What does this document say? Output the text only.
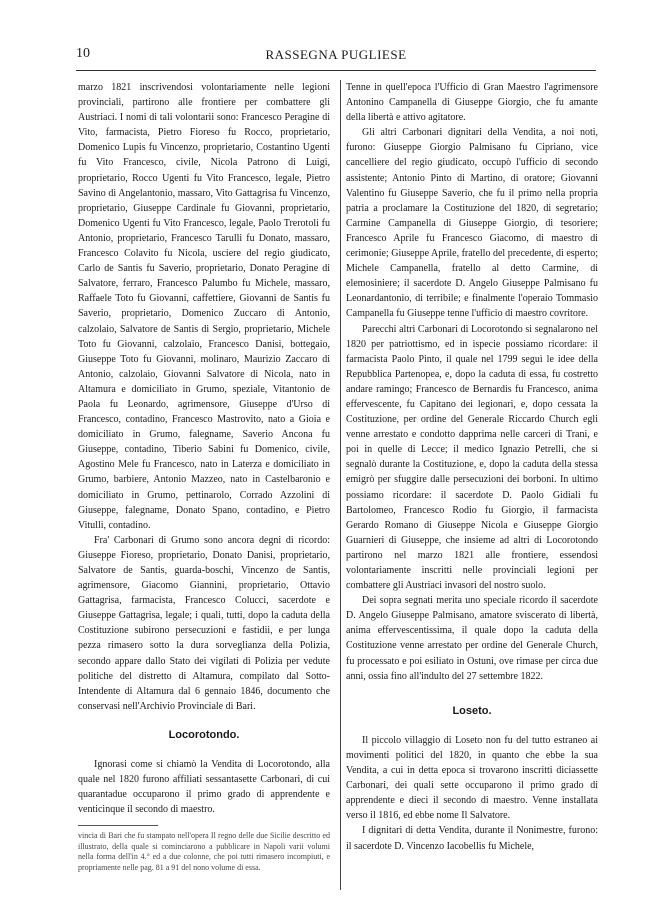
10	RASSEGNA PUGLIESE

marzo 1821 inscrivendosi volontariamente nelle legioni provinciali, partirono alle frontiere per combattere gli Austriaci. I nomi di tali volontarii sono: Francesco Peragine di Vito, farmacista, Pietro Fioreso fu Rocco, proprietario, Domenico Lupis fu Vincenzo, proprietario, Costantino Ugenti fu Vito Francesco, civile, Nicola Patrono di Luigi, proprietario, Rocco Ugenti fu Vito Francesco, legale, Pietro Savino di Angelantonio, massaro, Vito Gattagrisa fu Vincenzo, proprietario, Giuseppe Cardinale fu Giovanni, proprietario, Domenico Ugenti fu Vito Francesco, legale, Paolo Trerotoli fu Antonio, proprietario, Francesco Tarulli fu Donato, massaro, Francesco Colavito fu Nicola, usciere del regio giudicato, Carlo de Santis fu Saverio, proprietario, Donato Peragine di Salvatore, ferraro, Francesco Palumbo fu Michele, massaro, Raffaele Toto fu Giovanni, caffettiere, Giovanni de Santis fu Saverio, proprietario, Domenico Zuccaro di Antonio, calzolaio, Salvatore de Santis di Sergio, proprietario, Michele Toto fu Giovanni, calzolaio, Francesco Danisi, bottegaio, Giuseppe Toto fu Giovanni, molinaro, Maurizio Zaccaro di Antonio, calzolaio, Giovanni Salvatore di Nicola, nato in Altamura e domiciliato in Grumo, speziale, Vitantonio de Paola fu Leonardo, agrimensore, Giuseppe d'Urso di Francesco, contadino, Francesco Mastrovito, nato a Gioia e domiciliato in Grumo, falegname, Saverio Ancona fu Giuseppe, contadino, Tiberio Sabini fu Domenico, civile, Agostino Mele fu Francesco, nato in Laterza e domiciliato in Grumo, barbiere, Antonio Mazzeo, nato in Castelbaronio e domiciliato in Grumo, pettinarolo, Corrado Azzolini di Giuseppe, falegname, Donato Spano, contadino, e Pietro Vitulli, contadino.

Fra' Carbonari di Grumo sono ancora degni di ricordo: Giuseppe Fioreso, proprietario, Donato Danisi, proprietario, Salvatore de Santis, guarda-boschi, Vincenzo de Santis, agrimensore, Giacomo Giannini, proprietario, Ottavio Gattagrisa, farmacista, Francesco Colucci, sacerdote e Giuseppe Gattagrisa, legale; i quali, tutti, dopo la caduta della Costituzione subirono persecuzioni e fastidii, e per lunga pezza rimasero sotto la dura sorveglianza della Polizia, secondo appare dallo Stato dei vigilati di Polizia per vedute politiche del distretto di Altamura, compilato dal Sotto-Intendente di Altamura dal 6 gennaio 1846, documento che conservasi nell'Archivio Provinciale di Bari.

Locorotondo.

Ignorasi come si chiamò la Vendita di Locorotondo, alla quale nel 1820 furono affiliati sessantasette Carbonari, di cui quarantadue occuparono il primo grado di apprendente e venticinque il secondo di maestro.

vincia di Bari che fu stampato nell'opera Il regno delle due Sicilie descritto ed illustrato, della quale si cominciarono a pubblicare in Napoli varii volumi nella forma dell'in 4.° ed a due colonne, che poi tutti rimasero incompiuti, e propriamente nelle pag. 81 a 91 del nono volume di essa.

Tenne in quell'epoca l'Ufficio di Gran Maestro l'agrimensore Antonino Campanella di Giuseppe Giorgio, che fu amante della libertà e attivo agitatore.

Gli altri Carbonari dignitari della Vendita, a noi noti, furono: Giuseppe Giorgio Palmisano fu Cipriano, vice cancelliere del regio giudicato, occupò l'ufficio di secondo assistente; Antonio Pinto di Martino, di oratore; Giovanni Valentino fu Giuseppe Saverio, che fu il primo nella propria patria a proclamare la Costituzione del 1820, di segretario; Carmine Campanella di Giuseppe Giorgio, di tesoriere; Francesco Aprile fu Francesco Giacomo, di maestro di cerimonie; Giuseppe Aprile, fratello del precedente, di esperto; Michele Campanella, fratello al detto Carmine, di elemosiniere; il sacerdote D. Angelo Giuseppe Palmisano fu Leonardantonio, di terribile; e finalmente l'operaio Tommasio Campanella fu Giuseppe tenne l'ufficio di maestro covritore.

Parecchi altri Carbonari di Locorotondo si segnalarono nel 1820 per patriottismo, ed in ispecie possiamo ricordare: il farmacista Paolo Pinto, il quale nel 1799 seguì le idee della Repubblica Partenopea, e, dopo la caduta di essa, fu costretto andare ramingo; Francesco de Bernardis fu Francesco, anima effervescente, fu Capitano dei legionari, e, dopo cessata la Costituzione, per ordine del Generale Riccardo Church egli venne arrestato e condotto dapprima nelle carceri di Trani, e poi in quelle di Lecce; il medico Ignazio Petrelli, che si segnalò durante la Costituzione, e, dopo la caduta della stessa emigrò per sfuggire dalle persecuzioni dei borboni. In ultimo possiamo ricordare: il sacerdote D. Paolo Gidiali fu Bartolomeo, Francesco Rodio fu Giorgio, il farmacista Gerardo Romano di Giuseppe Nicola e Giuseppe Giorgio Guarnieri di Giuseppe, che insieme ad altri di Locorotondo partirono nel marzo 1821 alle frontiere, essendosi volontariamente inscritti nelle provinciali legioni per combattere gli Austriaci invasori del nostro suolo.

Dei sopra segnati merita uno speciale ricordo il sacerdote D. Angelo Giuseppe Palmisano, amatore sviscerato di libertà, anima effervescentissima, il quale dopo la caduta della Costituzione venne arrestato per ordine del Generale Church, fu processato e poi esiliato in Ostuni, ove rimase per circa due anni, ossia fino all'indulto del 27 settembre 1822.

Loseto.

Il piccolo villaggio di Loseto non fu del tutto estraneo ai movimenti politici del 1820, in quanto che ebbe la sua Vendita, a cui in detta epoca si trovarono inscritti diciassette Carbonari, dei quali sette occuparono il primo grado di apprendente e dieci il secondo di maestro. Venne installata verso il 1816, ed ebbe nome Il Salvatore.

I dignitari di detta Vendita, durante il Nonimestre, furono: il sacerdote D. Vincenzo Iacobellis fu Michele,
